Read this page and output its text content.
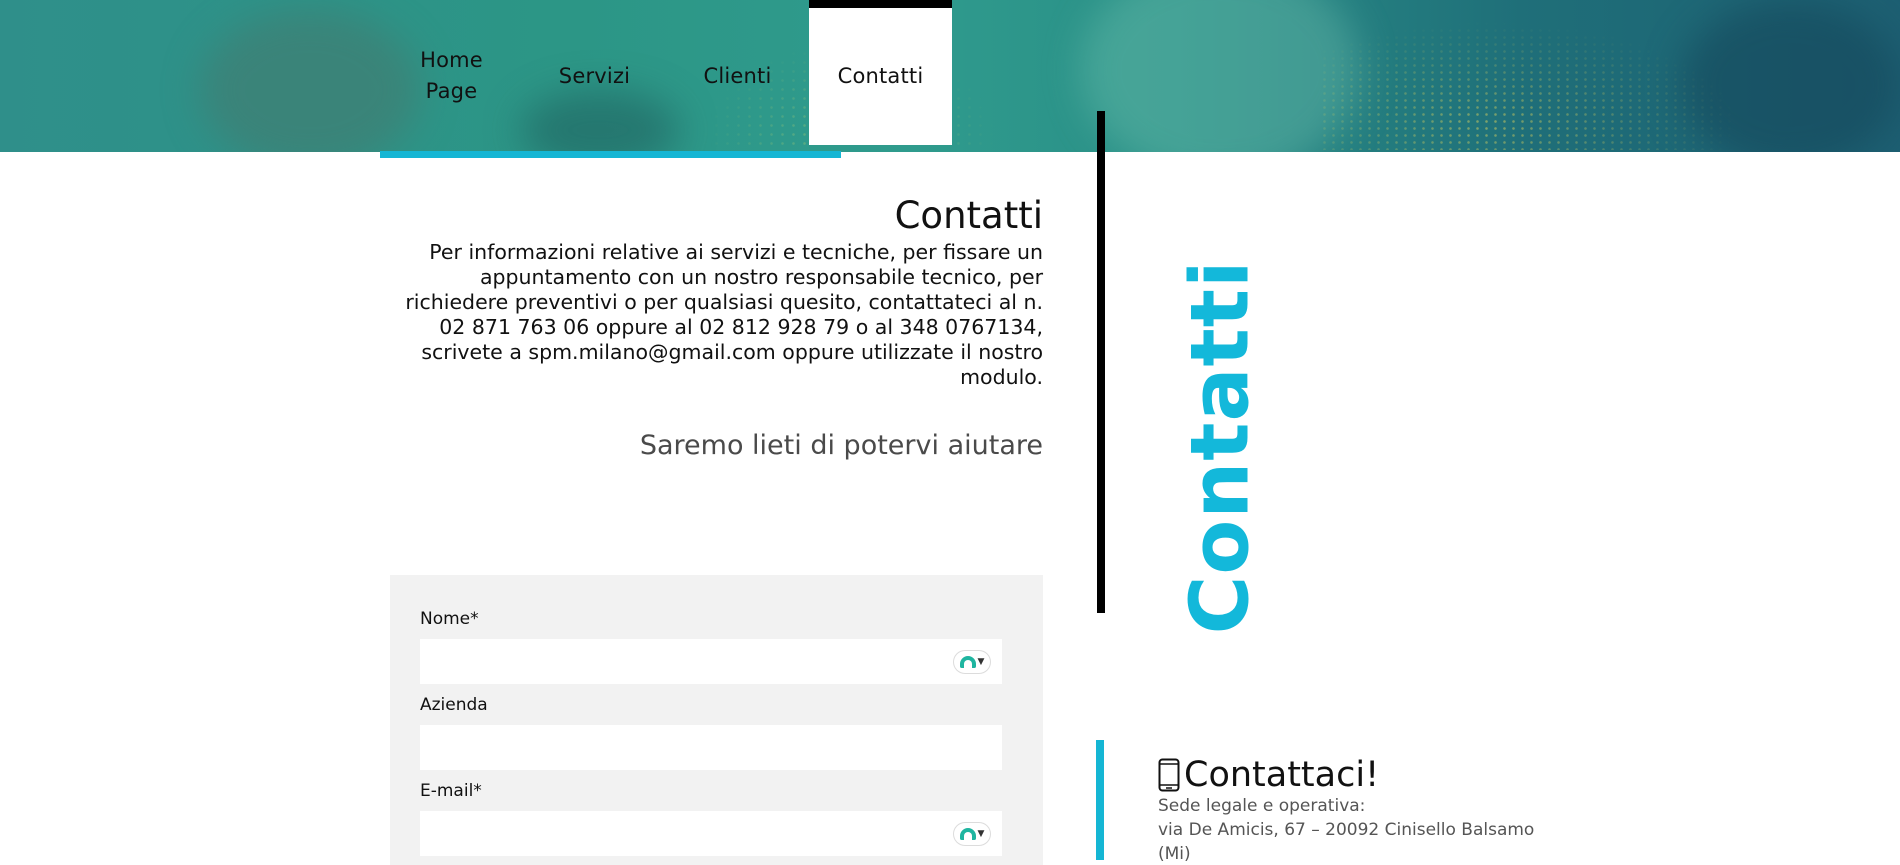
Home Page
Servizi	Clienti	Contatti
Contatti

Per informazioni relative ai servizi e tecniche, per fissare un appuntamento con un nostro responsabile tecnico, per richiedere preventivi o per qualsiasi quesito, contattateci al n. 02 871 763 06 oppure al 02 812 928 79 o al 348 0767134, scrivete a spm.milano@gmail.com oppure utilizzate il nostro modulo.

Saremo lieti di potervi aiutare

Nome*
▼
Azienda
E-mail*
▼
Contatti
Contattaci!
Sede legale e operativa:
via De Amicis, 67 – 20092 Cinisello Balsamo
(Mi)
